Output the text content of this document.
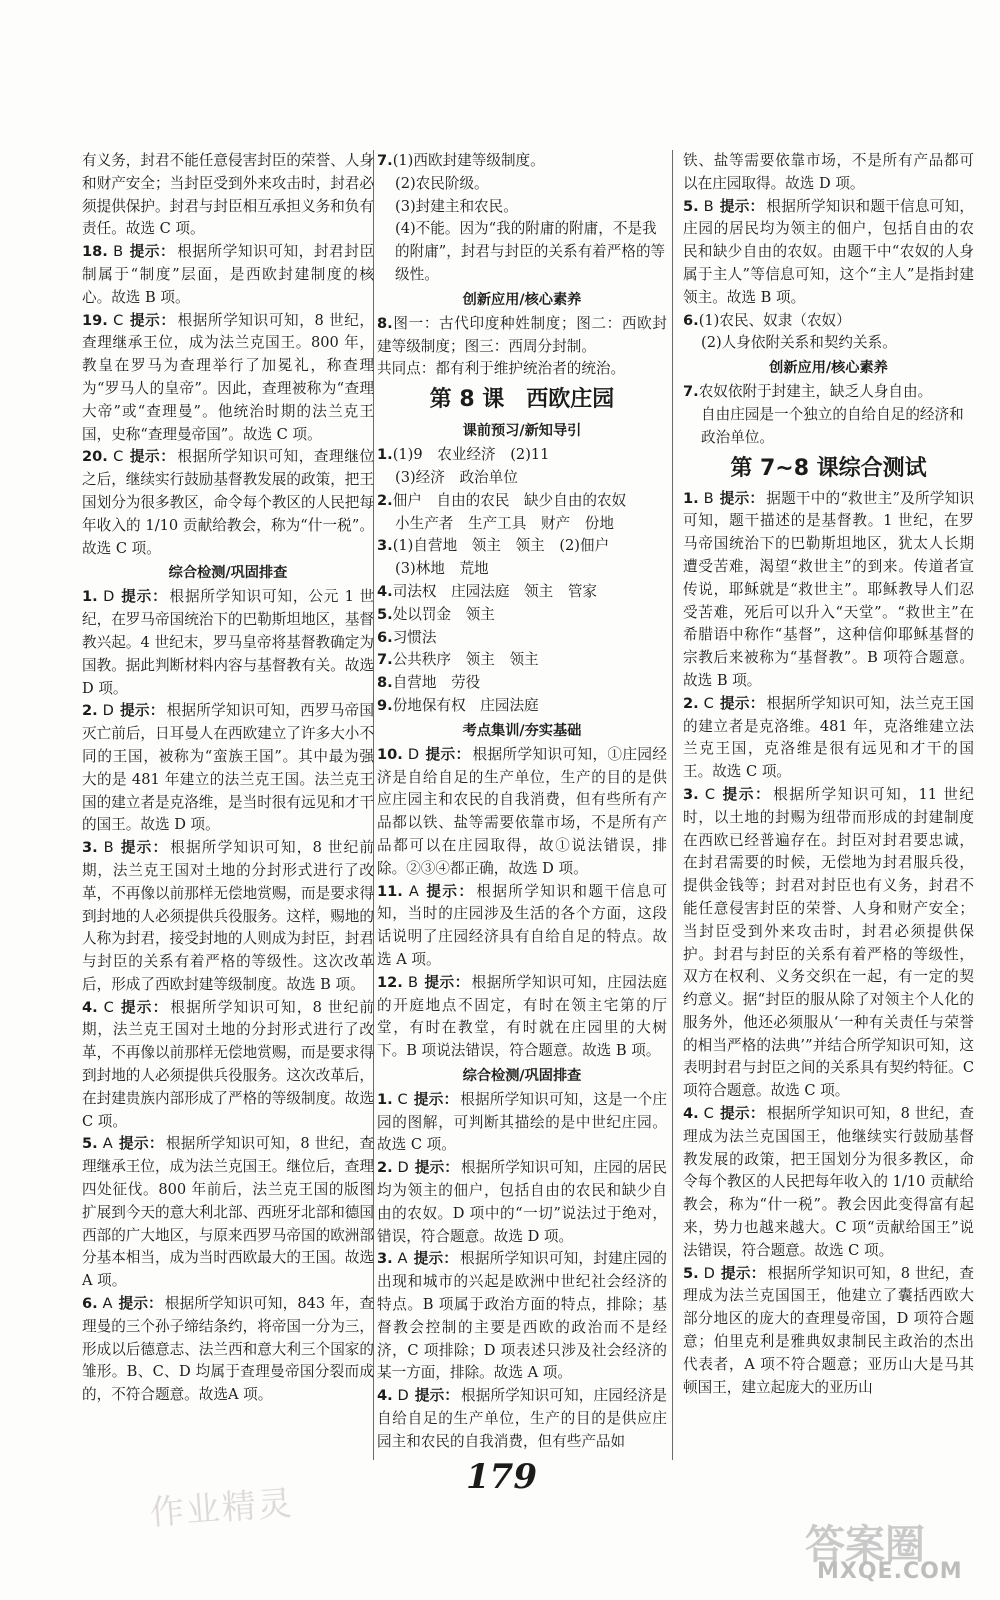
有义务，封君不能任意侵害封臣的荣誉、人身和财产安全；当封臣受到外来攻击时，封君必须提供保护。封君与封臣相互承担义务和负有责任。故选 C 项。

18. B 提示： 根据所学知识可知，封君封臣制属于“制度”层面，是西欧封建制度的核心。故选 B 项。

19. C 提示： 根据所学知识可知，8 世纪，查理继承王位，成为法兰克国王。800 年，教皇在罗马为查理举行了加冕礼，称查理为“罗马人的皇帝”。因此，查理被称为“查理大帝”或“查理曼”。他统治时期的法兰克王国，史称“查理曼帝国”。故选 C 项。

20. C 提示： 根据所学知识可知，查理继位之后，继续实行鼓励基督教发展的政策，把王国划分为很多教区，命令每个教区的人民把每年收入的 1/10 贡献给教会，称为“什一税”。故选 C 项。

综合检测/巩固排查

1. D 提示： 根据所学知识可知，公元 1 世纪，在罗马帝国统治下的巴勒斯坦地区，基督教兴起。4 世纪末，罗马皇帝将基督教确定为国教。据此判断材料内容与基督教有关。故选 D 项。

2. D 提示： 根据所学知识可知，西罗马帝国灭亡前后，日耳曼人在西欧建立了许多大小不同的王国，被称为“蛮族王国”。其中最为强大的是 481 年建立的法兰克王国。法兰克王国的建立者是克洛维，是当时很有远见和才干的国王。故选 D 项。

3. B 提示： 根据所学知识可知，8 世纪前期，法兰克王国对土地的分封形式进行了改革，不再像以前那样无偿地赏赐，而是要求得到封地的人必须提供兵役服务。这样，赐地的人称为封君，接受封地的人则成为封臣，封君与封臣的关系有着严格的等级性。这次改革后，形成了西欧封建等级制度。故选 B 项。

4. C 提示： 根据所学知识可知，8 世纪前期，法兰克王国对土地的分封形式进行了改革，不再像以前那样无偿地赏赐，而是要求得到封地的人必须提供兵役服务。这次改革后，在封建贵族内部形成了严格的等级制度。故选 C 项。

5. A 提示： 根据所学知识可知，8 世纪，查理继承王位，成为法兰克国王。继位后，查理四处征伐。800 年前后，法兰克王国的版图扩展到今天的意大利北部、西班牙北部和德国西部的广大地区，与原来西罗马帝国的欧洲部分基本相当，成为当时西欧最大的王国。故选 A 项。

6. A 提示： 根据所学知识可知，843 年，查理曼的三个孙子缔结条约，将帝国一分为三，形成以后德意志、法兰西和意大利三个国家的雏形。B、C、D 均属于查理曼帝国分裂而成的，不符合题意。故选A 项。

7.(1)西欧封建等级制度。

(2)农民阶级。

(3)封建主和农民。

(4)不能。因为“我的附庸的附庸，不是我的附庸”，封君与封臣的关系有着严格的等级性。

创新应用/核心素养

8.图一：古代印度种姓制度；图二：西欧封建等级制度；图三：西周分封制。

共同点：都有利于维护统治者的统治。

第 8 课　西欧庄园
课前预习/新知导引

1.(1)9　农业经济　(2)11

(3)经济　政治单位

2.佃户　自由的农民　缺少自由的农奴

小生产者　生产工具　财产　份地

3.(1)自营地　领主　领主　(2)佃户

(3)林地　荒地

4.司法权　庄园法庭　领主　管家

5.处以罚金　领主

6.习惯法

7.公共秩序　领主　领主

8.自营地　劳役

9.份地保有权　庄园法庭

考点集训/夯实基础

10. D 提示： 根据所学知识可知，①庄园经济是自给自足的生产单位，生产的目的是供应庄园主和农民的自我消费，但有些所有产品都以铁、盐等需要依靠市场，不是所有产品都可以在庄园取得，故①说法错误，排除。②③④都正确，故选 D 项。

11. A 提示： 根据所学知识和题干信息可知，当时的庄园涉及生活的各个方面，这段话说明了庄园经济具有自给自足的特点。故选 A 项。

12. B 提示： 根据所学知识可知，庄园法庭的开庭地点不固定，有时在领主宅第的厅堂，有时在教堂，有时就在庄园里的大树下。B 项说法错误，符合题意。故选 B 项。

综合检测/巩固排查

1. C 提示： 根据所学知识可知，这是一个庄园的图解，可判断其描绘的是中世纪庄园。故选 C 项。

2. D 提示： 根据所学知识可知，庄园的居民均为领主的佃户，包括自由的农民和缺少自由的农奴。D 项中的“一切”说法过于绝对，错误，符合题意。故选 D 项。

3. A 提示： 根据所学知识可知，封建庄园的出现和城市的兴起是欧洲中世纪社会经济的特点。B 项属于政治方面的特点，排除；基督教会控制的主要是西欧的政治而不是经济，C 项排除；D 项表述只涉及社会经济的某一方面，排除。故选 A 项。

4. D 提示： 根据所学知识可知，庄园经济是自给自足的生产单位，生产的目的是供应庄园主和农民的自我消费，但有些产品如

铁、盐等需要依靠市场，不是所有产品都可以在庄园取得。故选 D 项。

5. B 提示： 根据所学知识和题干信息可知，庄园的居民均为领主的佃户，包括自由的农民和缺少自由的农奴。由题干中“农奴的人身属于主人”等信息可知，这个“主人”是指封建领主。故选 B 项。

6.(1)农民、奴隶（农奴）

(2)人身依附关系和契约关系。

创新应用/核心素养

7.农奴依附于封建主，缺乏人身自由。

自由庄园是一个独立的自给自足的经济和政治单位。

第 7~8 课综合测试

1. B 提示： 据题干中的“救世主”及所学知识可知，题干描述的是基督教。1 世纪，在罗马帝国统治下的巴勒斯坦地区，犹太人长期遭受苦难，渴望“救世主”的到来。传道者宣传说，耶稣就是“救世主”。耶稣教导人们忍受苦难，死后可以升入“天堂”。“救世主”在希腊语中称作“基督”，这种信仰耶稣基督的宗教后来被称为“基督教”。B 项符合题意。故选 B 项。

2. C 提示： 根据所学知识可知，法兰克王国的建立者是克洛维。481 年，克洛维建立法兰克王国，克洛维是很有远见和才干的国王。故选 C 项。

3. C 提示： 根据所学知识可知，11 世纪时，以土地的封赐为纽带而形成的封建制度在西欧已经普遍存在。封臣对封君要忠诚，在封君需要的时候，无偿地为封君服兵役，提供金钱等；封君对封臣也有义务，封君不能任意侵害封臣的荣誉、人身和财产安全；当封臣受到外来攻击时，封君必须提供保护。封君与封臣的关系有着严格的等级性，双方在权利、义务交织在一起，有一定的契约意义。据“封臣的服从除了对领主个人化的服务外，他还必须服从‘一种有关责任与荣誉的相当严格的法典’”并结合所学知识可知，这表明封君与封臣之间的关系具有契约特征。C 项符合题意。故选 C 项。

4. C 提示： 根据所学知识可知，8 世纪，查理成为法兰克国国王，他继续实行鼓励基督教发展的政策，把王国划分为很多教区，命令每个教区的人民把每年收入的 1/10 贡献给教会，称为“什一税”。教会因此变得富有起来，势力也越来越大。C 项“贡献给国王”说法错误，符合题意。故选 C 项。

5. D 提示： 根据所学知识可知，8 世纪，查理成为法兰克国国王，他建立了囊括西欧大部分地区的庞大的查理曼帝国，D 项符合题意；伯里克利是雅典奴隶制民主政治的杰出代表者，A 项不符合题意；亚历山大是马其顿国王，建立起庞大的亚历山

179
作业精灵
答案圈
MXQE.COM
